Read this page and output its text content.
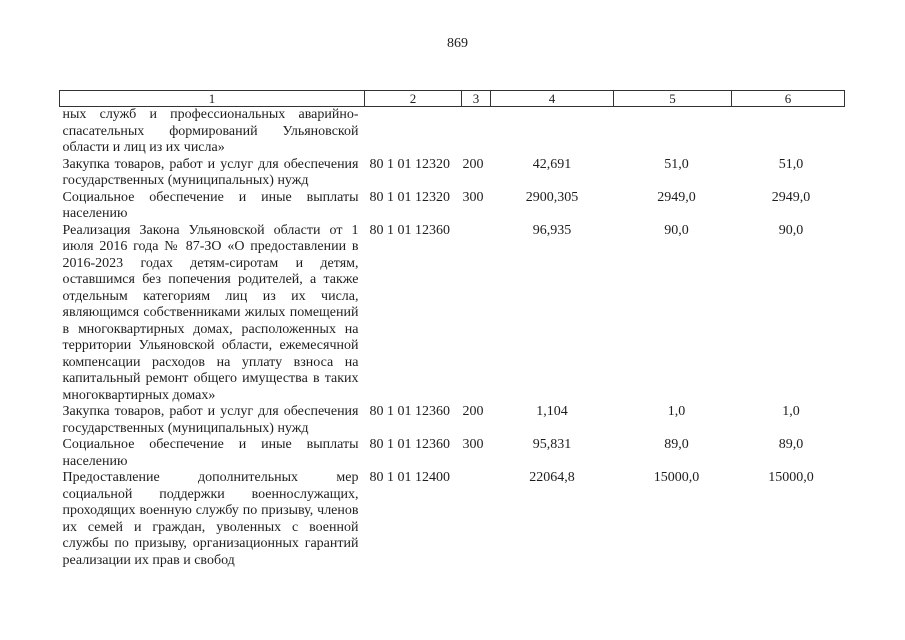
869
1	2	3	4	5	6
ных служб и профессиональных аварийно-спасательных формирований Ульяновской области и лиц из их числа»					
Закупка товаров, работ и услуг для обеспечения государственных (муниципальных) нужд	80 1 01 12320	200	42,691	51,0	51,0
Социальное обеспечение и иные выплаты населению	80 1 01 12320	300	2900,305	2949,0	2949,0
Реализация Закона Ульяновской области от 1 июля 2016 года № 87-ЗО «О предоставлении в 2016-2023 годах детям-сиротам и детям, оставшимся без попечения родителей, а также отдельным категориям лиц из их числа, являющимся собственниками жилых помещений в многоквартирных домах, расположенных на территории Ульяновской области, ежемесячной компенсации расходов на уплату взноса на капитальный ремонт общего имущества в таких многоквартирных домах»	80 1 01 12360		96,935	90,0	90,0
Закупка товаров, работ и услуг для обеспечения государственных (муниципальных) нужд	80 1 01 12360	200	1,104	1,0	1,0
Социальное обеспечение и иные выплаты населению	80 1 01 12360	300	95,831	89,0	89,0
Предоставление дополнительных мер социальной поддержки военнослужащих, проходящих военную службу по призыву, членов их семей и граждан, уволенных с военной службы по призыву, организационных гарантий реализации их прав и свобод	80 1 01 12400		22064,8	15000,0	15000,0
